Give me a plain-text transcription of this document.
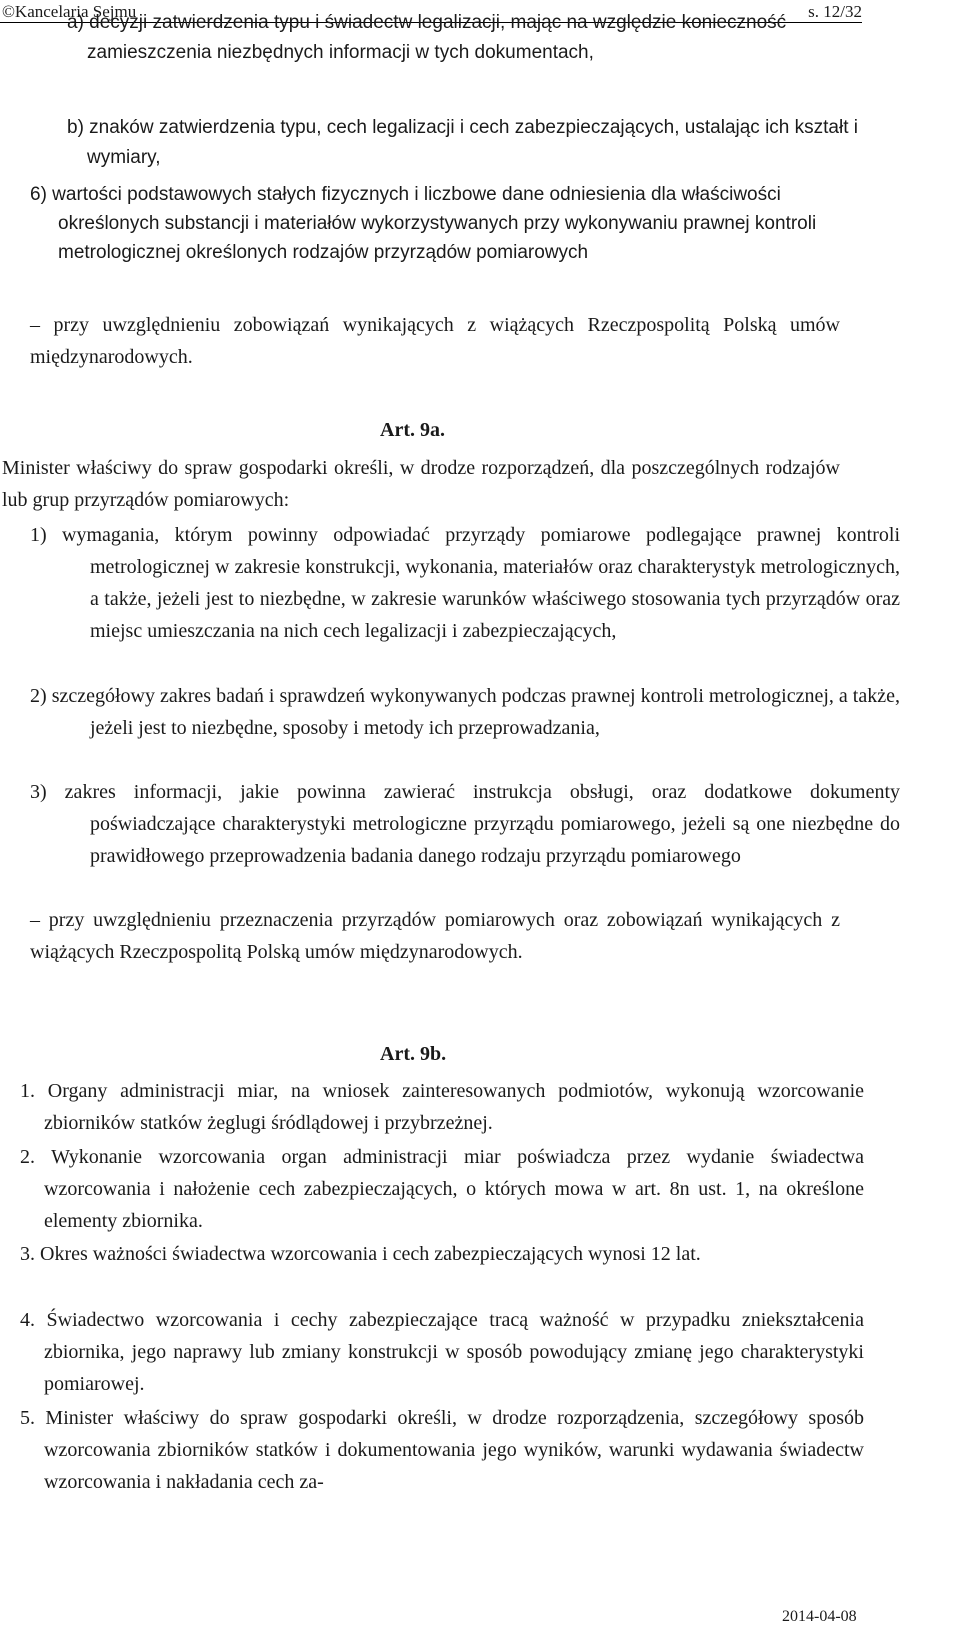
©Kancelaria Sejmu	s. 12/32
a) decyzji zatwierdzenia typu i świadectw legalizacji, mając na względzie konieczność zamieszczenia niezbędnych informacji w tych dokumentach,
b) znaków zatwierdzenia typu, cech legalizacji i cech zabezpieczających, ustalając ich kształt i wymiary,
6) wartości podstawowych stałych fizycznych i liczbowe dane odniesienia dla właściwości określonych substancji i materiałów wykorzystywanych przy wykonywaniu prawnej kontroli metrologicznej określonych rodzajów przyrządów pomiarowych
– przy uwzględnieniu zobowiązań wynikających z wiążących Rzeczpospolitą Polską umów międzynarodowych.
Art. 9a.
Minister właściwy do spraw gospodarki określi, w drodze rozporządzeń, dla poszczególnych rodzajów lub grup przyrządów pomiarowych:
1) wymagania, którym powinny odpowiadać przyrządy pomiarowe podlegające prawnej kontroli metrologicznej w zakresie konstrukcji, wykonania, materiałów oraz charakterystyk metrologicznych, a także, jeżeli jest to niezbędne, w zakresie warunków właściwego stosowania tych przyrządów oraz miejsc umieszczania na nich cech legalizacji i zabezpieczających,
2) szczegółowy zakres badań i sprawdzeń wykonywanych podczas prawnej kontroli metrologicznej, a także, jeżeli jest to niezbędne, sposoby i metody ich przeprowadzania,
3) zakres informacji, jakie powinna zawierać instrukcja obsługi, oraz dodatkowe dokumenty poświadczające charakterystyki metrologiczne przyrządu pomiarowego, jeżeli są one niezbędne do prawidłowego przeprowadzenia badania danego rodzaju przyrządu pomiarowego
– przy uwzględnieniu przeznaczenia przyrządów pomiarowych oraz zobowiązań wynikających z wiążących Rzeczpospolitą Polską umów międzynarodowych.
Art. 9b.
1. Organy administracji miar, na wniosek zainteresowanych podmiotów, wykonują wzorcowanie zbiorników statków żeglugi śródlądowej i przybrzeżnej.
2. Wykonanie wzorcowania organ administracji miar poświadcza przez wydanie świadectwa wzorcowania i nałożenie cech zabezpieczających, o których mowa w art. 8n ust. 1, na określone elementy zbiornika.
3. Okres ważności świadectwa wzorcowania i cech zabezpieczających wynosi 12 lat.
4. Świadectwo wzorcowania i cechy zabezpieczające tracą ważność w przypadku zniekształcenia zbiornika, jego naprawy lub zmiany konstrukcji w sposób powodujący zmianę jego charakterystyki pomiarowej.
5. Minister właściwy do spraw gospodarki określi, w drodze rozporządzenia, szczegółowy sposób wzorcowania zbiorników statków i dokumentowania jego wyników, warunki wydawania świadectw wzorcowania i nakładania cech za-
2014-04-08
